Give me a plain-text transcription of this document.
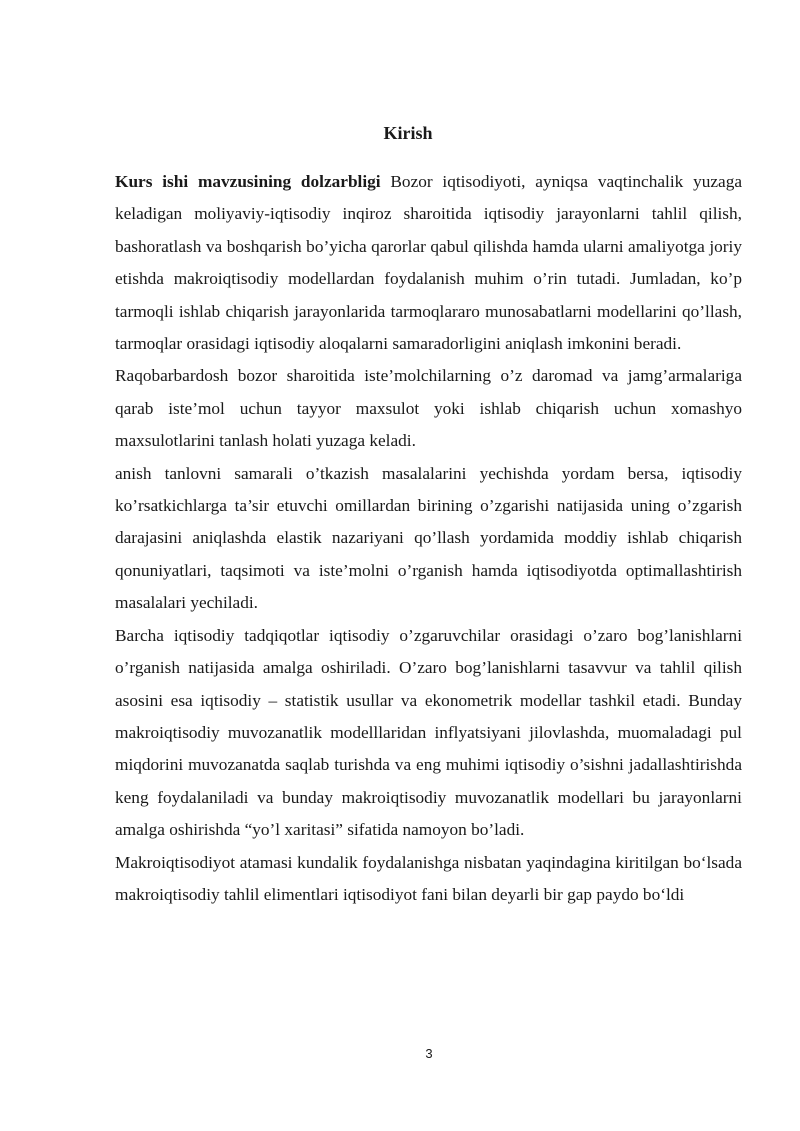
Kirish

Kurs ishi mavzusining dolzarbligi Bozor iqtisodiyoti, ayniqsa vaqtinchalik yuzaga keladigan moliyaviy-iqtisodiy inqiroz sharoitida iqtisodiy jarayonlarni tahlil qilish, bashoratlash va boshqarish bo’yicha qarorlar qabul qilishda hamda ularni amaliyotga joriy etishda makroiqtisodiy modellardan foydalanish muhim o’rin tutadi. Jumladan, ko’p tarmoqli ishlab chiqarish jarayonlarida tarmoqlararo munosabatlarni modellarini qo’llash, tarmoqlar orasidagi iqtisodiy aloqalarni samaradorligini aniqlash imkonini beradi.

Raqobarbardosh bozor sharoitida iste’molchilarning o’z daromad va jamg’armalariga qarab iste’mol uchun tayyor maxsulot yoki ishlab chiqarish uchun xomashyo maxsulotlarini tanlash holati yuzaga keladi.

anish tanlovni samarali o’tkazish masalalarini yechishda yordam bersa, iqtisodiy ko’rsatkichlarga ta’sir etuvchi omillardan birining o’zgarishi natijasida uning o’zgarish darajasini aniqlashda elastik nazariyani qo’llash yordamida moddiy ishlab chiqarish qonuniyatlari, taqsimoti va iste’molni o’rganish hamda iqtisodiyotda optimallashtirish masalalari yechiladi.

Barcha iqtisodiy tadqiqotlar iqtisodiy o’zgaruvchilar orasidagi o’zaro bog’lanishlarni o’rganish natijasida amalga oshiriladi. O’zaro bog’lanishlarni tasavvur va tahlil qilish asosini esa iqtisodiy – statistik usullar va ekonometrik modellar tashkil etadi. Bunday makroiqtisodiy muvozanatlik modelllaridan inflyatsiyani jilovlashda, muomaladagi pul miqdorini muvozanatda saqlab turishda va eng muhimi iqtisodiy o’sishni jadallashtirishda keng foydalaniladi va bunday makroiqtisodiy muvozanatlik modellari bu jarayonlarni amalga oshirishda “yo’l xaritasi” sifatida namoyon bo’ladi.

Makroiqtisodiyot atamasi kundalik foydalanishga nisbatan yaqindagina kiritilgan bo‘lsada makroiqtisodiy tahlil elimentlari iqtisodiyot fani bilan deyarli bir gap paydo bo‘ldi

3
